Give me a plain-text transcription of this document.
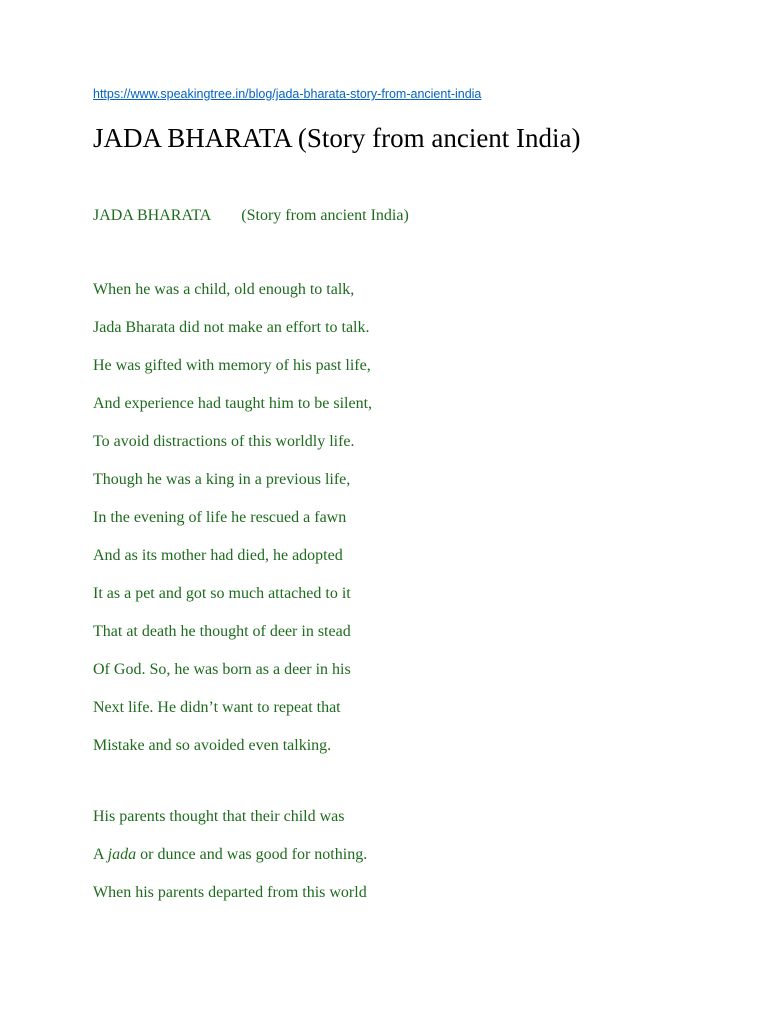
https://www.speakingtree.in/blog/jada-bharata-story-from-ancient-india
JADA BHARATA (Story from ancient India)
JADA BHARATA (Story from ancient India)

When he was a child, old enough to talk,

Jada Bharata did not make an effort to talk.

He was gifted with memory of his past life,

And experience had taught him to be silent,

To avoid distractions of this worldly life.

Though he was a king in a previous life,

In the evening of life he rescued a fawn

And as its mother had died, he adopted

It as a pet and got so much attached to it

That at death he thought of deer in stead

Of God. So, he was born as a deer in his

Next life. He didn’t want to repeat that

Mistake and so avoided even talking.

His parents thought that their child was

A jada or dunce and was good for nothing.

When his parents departed from this world
